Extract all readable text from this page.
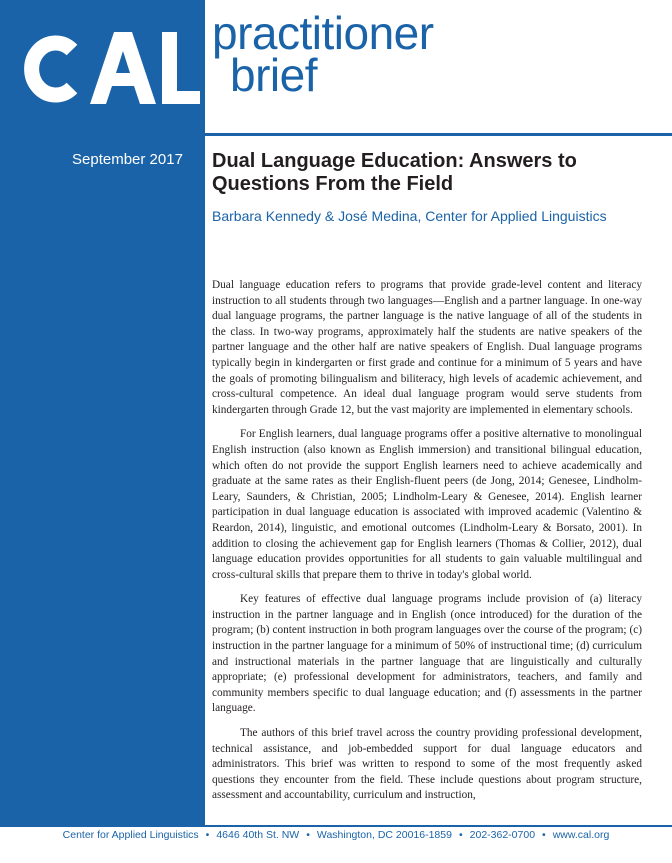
practitioner
brief
September 2017 Dual Language Education: Answers to Questions From the Field
Barbara Kennedy & José Medina, Center for Applied Linguistics

Dual language education refers to programs that provide grade-level content and literacy instruction to all students through two languages—English and a partner language. In one-way dual language programs, the partner language is the native language of all of the students in the class. In two-way programs, approximately half the students are native speakers of the partner language and the other half are native speakers of English. Dual language programs typically begin in kindergarten or first grade and continue for a minimum of 5 years and have the goals of promoting bilingualism and biliteracy, high levels of academic achievement, and cross-cultural competence. An ideal dual language program would serve students from kindergarten through Grade 12, but the vast majority are implemented in elementary schools.

For English learners, dual language programs offer a positive alternative to monolingual English instruction (also known as English immersion) and transitional bilingual education, which often do not provide the support English learners need to achieve academically and graduate at the same rates as their English-fluent peers (de Jong, 2014; Genesee, Lindholm-Leary, Saunders, & Christian, 2005; Lindholm-Leary & Genesee, 2014). English learner participation in dual language education is associated with improved academic (Valentino & Reardon, 2014), linguistic, and emotional outcomes (Lindholm-Leary & Borsato, 2001). In addition to closing the achievement gap for English learners (Thomas & Collier, 2012), dual language education provides opportunities for all students to gain valuable multilingual and cross-cultural skills that prepare them to thrive in today's global world.

Key features of effective dual language programs include provision of (a) literacy instruction in the partner language and in English (once introduced) for the duration of the program; (b) content instruction in both program languages over the course of the program; (c) instruction in the partner language for a minimum of 50% of instructional time; (d) curriculum and instructional materials in the partner language that are linguistically and culturally appropriate; (e) professional development for administrators, teachers, and family and community members specific to dual language education; and (f) assessments in the partner language.

The authors of this brief travel across the country providing professional development, technical assistance, and job-embedded support for dual language educators and administrators. This brief was written to respond to some of the most frequently asked questions they encounter from the field. These include questions about program structure, assessment and accountability, curriculum and instruction,

Center for Applied Linguistics • 4646 40th St. NW • Washington, DC 20016-1859 • 202-362-0700 • www.cal.org
